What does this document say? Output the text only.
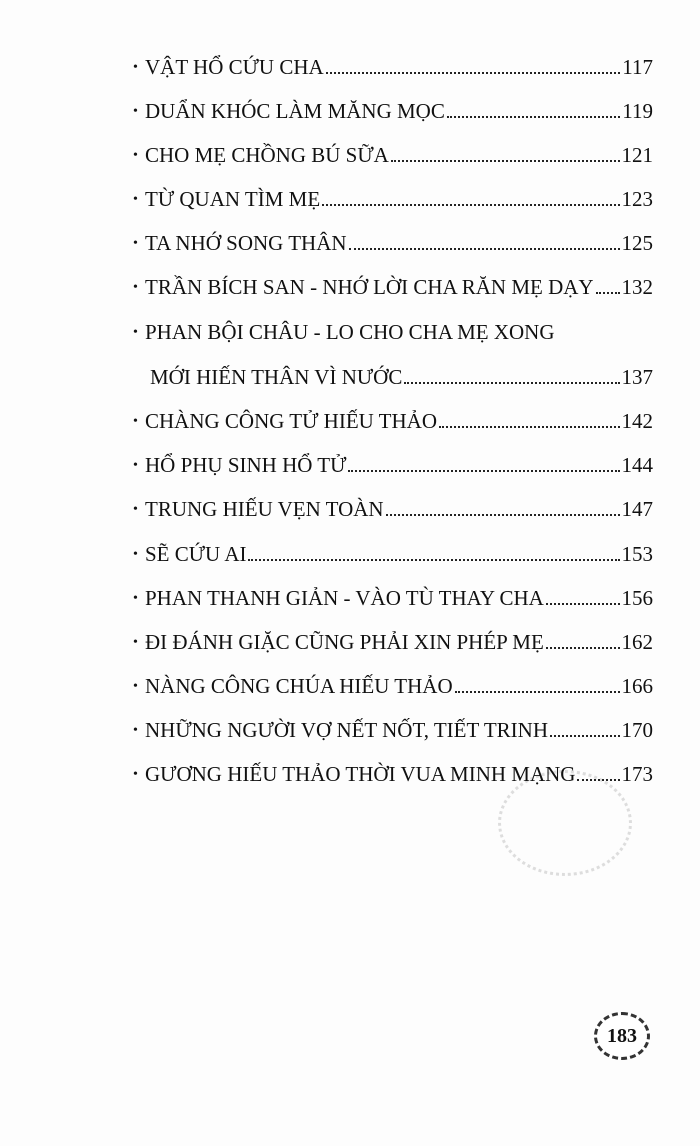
• VẬT HỔ CỨU CHA	117
• DUẨN KHÓC LÀM MĂNG MỌC	119
• CHO MẸ CHỒNG BÚ SỮA	121
• TỪ QUAN TÌM MẸ	123
• TA NHỚ SONG THÂN	125
• TRẦN BÍCH SAN - NHỚ LỜI CHA RĂN MẸ DẠY 132
• PHAN BỘI CHÂU - LO CHO CHA MẸ XONG
MỚI HIẾN THÂN VÌ NƯỚC	137
• CHÀNG CÔNG TỬ HIẾU THẢO	142
• HỔ PHỤ SINH HỔ TỬ	144
• TRUNG HIẾU VẸN TOÀN	147
• SẼ CỨU AI	153
• PHAN THANH GIẢN - VÀO TÙ THAY CHA	156
• ĐI ĐÁNH GIẶC CŨNG PHẢI XIN PHÉP MẸ	162
• NÀNG CÔNG CHÚA HIẾU THẢO	166
• NHỮNG NGƯỜI VỢ NẾT NỐT, TIẾT TRINH	170
• GƯƠNG HIẾU THẢO THỜI VUA MINH MẠNG 173
183
